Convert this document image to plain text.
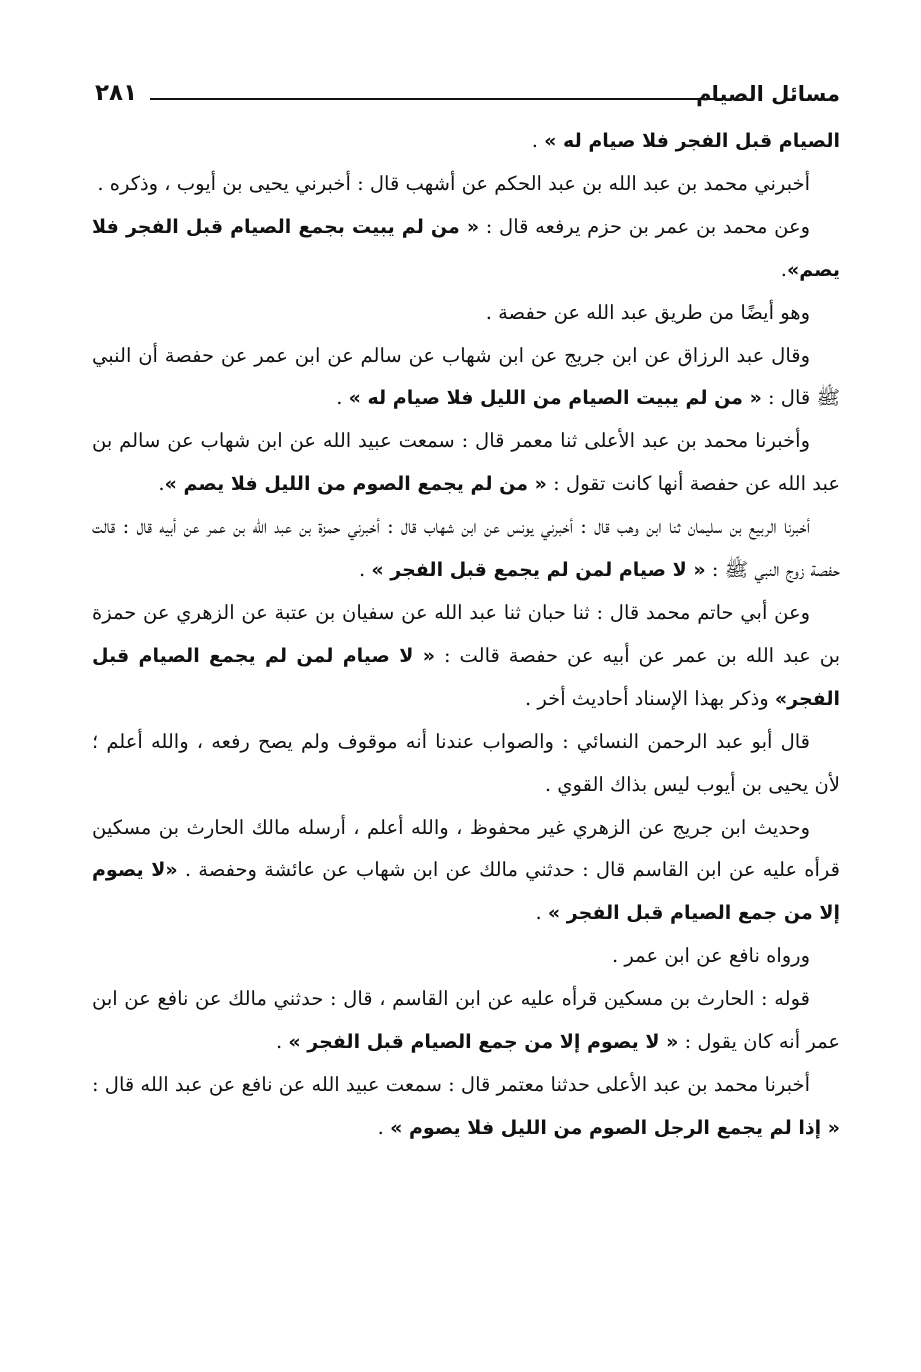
مسائل الصيام
٢٨١

الصيام قبل الفجر فلا صيام له » .

أخبرني محمد بن عبد الله بن عبد الحكم عن أشهب قال : أخبرني يحيى بن أيوب ، وذكره .

وعن محمد بن عمر بن حزم يرفعه قال : « من لم يبيت بجمع الصيام قبل الفجر فلا يصم».

وهو أيضًا من طريق عبد الله عن حفصة .

وقال عبد الرزاق عن ابن جريج عن ابن شهاب عن سالم عن ابن عمر عن حفصة أن النبي ﷺ قال : « من لم يبيت الصيام من الليل فلا صيام له » .

وأخبرنا محمد بن عبد الأعلى ثنا معمر قال : سمعت عبيد الله عن ابن شهاب عن سالم بن عبد الله عن حفصة أنها كانت تقول : « من لم يجمع الصوم من الليل فلا يصم ».

أخبرنا الربيع بن سليمان ثنا ابن وهب قال : أخبرني يونس عن ابن شهاب قال : أخبرني حمزة بن عبد الله بن عمر عن أبيه قال : قالت حفصة زوج النبي ﷺ : « لا صيام لمن لم يجمع قبل الفجر » .

وعن أبي حاتم محمد قال : ثنا حبان ثنا عبد الله عن سفيان بن عتبة عن الزهري عن حمزة بن عبد الله بن عمر عن أبيه عن حفصة قالت : « لا صيام لمن لم يجمع الصيام قبل الفجر» وذكر بهذا الإسناد أحاديث أخر .

قال أبو عبد الرحمن النسائي : والصواب عندنا أنه موقوف ولم يصح رفعه ، والله أعلم ؛ لأن يحيى بن أيوب ليس بذاك القوي .

وحديث ابن جريج عن الزهري غير محفوظ ، والله أعلم ، أرسله مالك الحارث بن مسكين قرأه عليه عن ابن القاسم قال : حدثني مالك عن ابن شهاب عن عائشة وحفصة . «لا يصوم إلا من جمع الصيام قبل الفجر » .

ورواه نافع عن ابن عمر .

قوله : الحارث بن مسكين قرأه عليه عن ابن القاسم ، قال : حدثني مالك عن نافع عن ابن عمر أنه كان يقول : « لا يصوم إلا من جمع الصيام قبل الفجر » .

أخبرنا محمد بن عبد الأعلى حدثنا معتمر قال : سمعت عبيد الله عن نافع عن عبد الله قال : « إذا لم يجمع الرجل الصوم من الليل فلا يصوم » .
